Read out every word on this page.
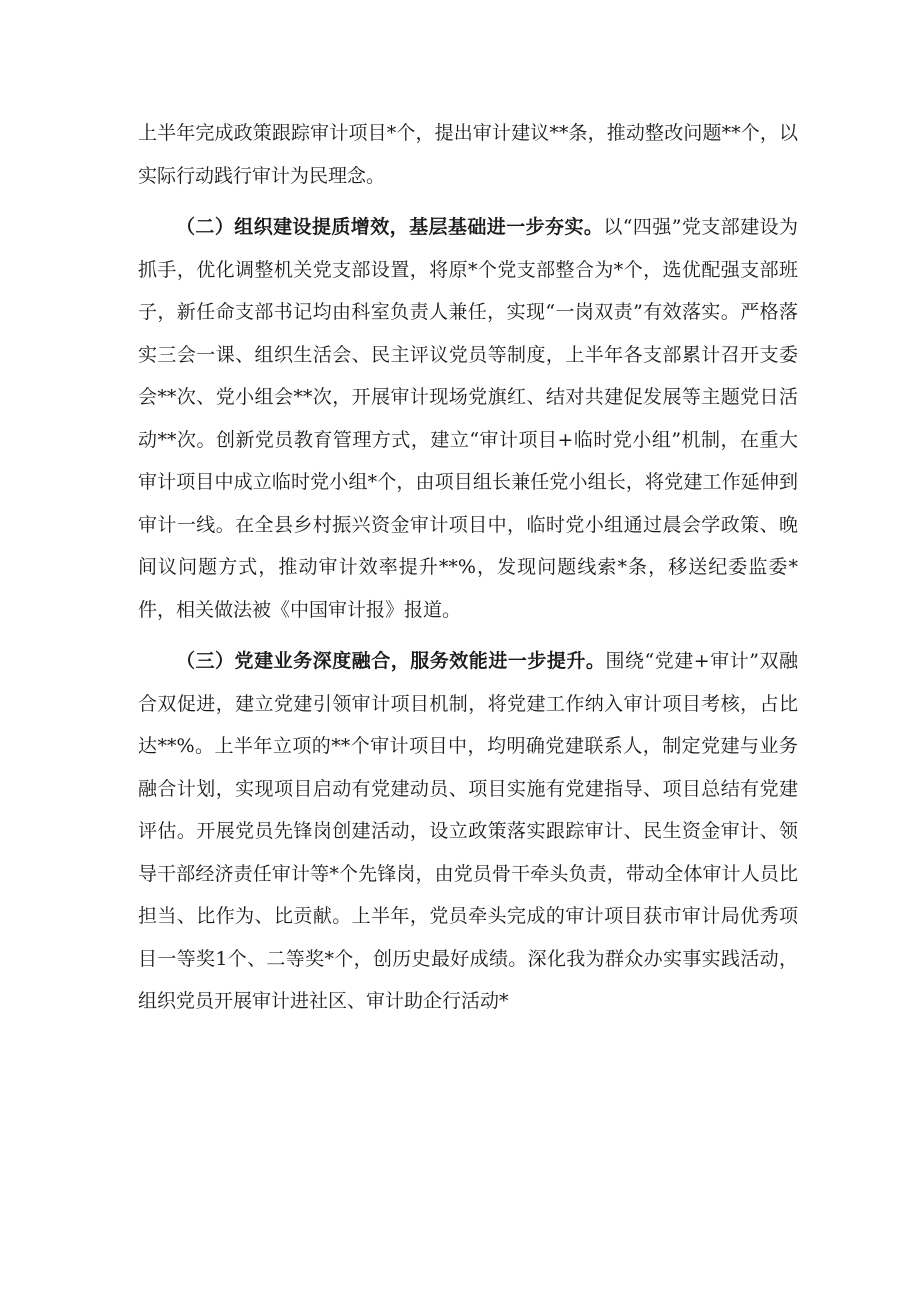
上半年完成政策跟踪审计项目*个，提出审计建议**条，推动整改问题**个，以实际行动践行审计为民理念。

（二）组织建设提质增效，基层基础进一步夯实。以“四强”党支部建设为抓手，优化调整机关党支部设置，将原*个党支部整合为*个，选优配强支部班子，新任命支部书记均由科室负责人兼任，实现“一岗双责”有效落实。严格落实三会一课、组织生活会、民主评议党员等制度，上半年各支部累计召开支委会**次、党小组会**次，开展审计现场党旗红、结对共建促发展等主题党日活动**次。创新党员教育管理方式，建立“审计项目+临时党小组”机制，在重大审计项目中成立临时党小组*个，由项目组长兼任党小组长，将党建工作延伸到审计一线。在全县乡村振兴资金审计项目中，临时党小组通过晨会学政策、晚间议问题方式，推动审计效率提升**%，发现问题线索*条，移送纪委监委*件，相关做法被《中国审计报》报道。

（三）党建业务深度融合，服务效能进一步提升。围绕“党建+审计”双融合双促进，建立党建引领审计项目机制，将党建工作纳入审计项目考核，占比达**%。上半年立项的**个审计项目中，均明确党建联系人，制定党建与业务融合计划，实现项目启动有党建动员、项目实施有党建指导、项目总结有党建评估。开展党员先锋岗创建活动，设立政策落实跟踪审计、民生资金审计、领导干部经济责任审计等*个先锋岗，由党员骨干牵头负责，带动全体审计人员比担当、比作为、比贡献。上半年，党员牵头完成的审计项目获市审计局优秀项目一等奖1个、二等奖*个，创历史最好成绩。深化我为群众办实事实践活动，组织党员开展审计进社区、审计助企行活动*
